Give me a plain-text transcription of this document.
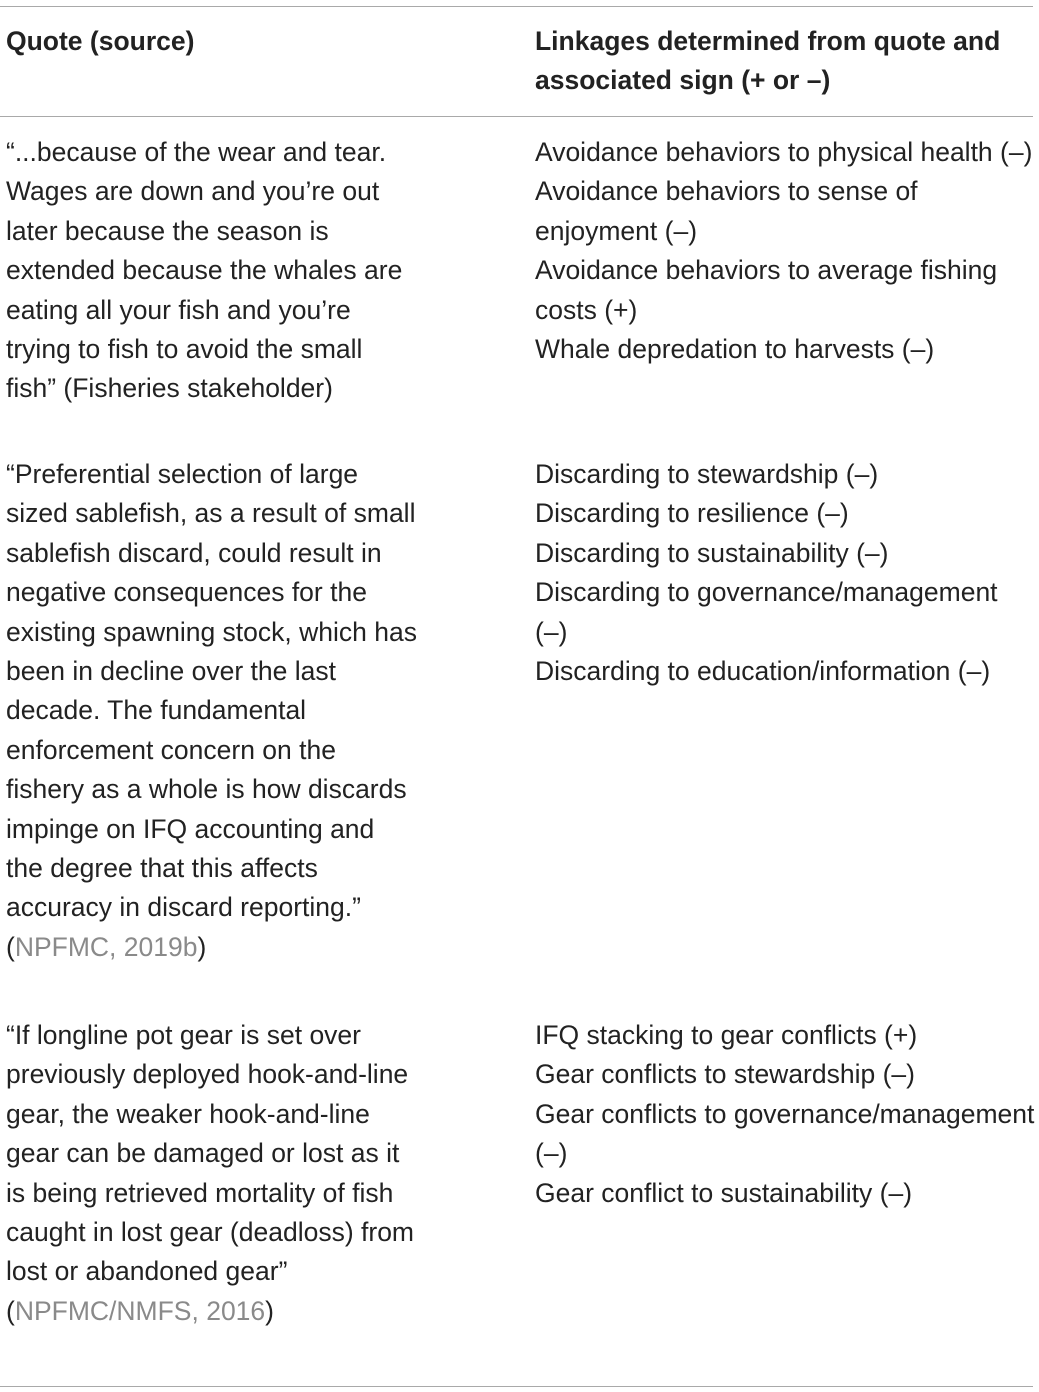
Quote (source)	Linkages determined from quote and associated sign (+ or –)
“...because of the wear and tear. Wages are down and you’re out later because the season is extended because the whales are eating all your fish and you’re trying to fish to avoid the small fish” (Fisheries stakeholder)
Avoidance behaviors to physical health (–)
Avoidance behaviors to sense of enjoyment (–)
Avoidance behaviors to average fishing costs (+)
Whale depredation to harvests (–)
“Preferential selection of large sized sablefish, as a result of small sablefish discard, could result in negative consequences for the existing spawning stock, which has been in decline over the last decade. The fundamental enforcement concern on the fishery as a whole is how discards impinge on IFQ accounting and the degree that this affects accuracy in discard reporting.” (NPFMC, 2019b)
Discarding to stewardship (–)
Discarding to resilience (–)
Discarding to sustainability (–)
Discarding to governance/management (–)
Discarding to education/information (–)
“If longline pot gear is set over previously deployed hook-and-line gear, the weaker hook-and-line gear can be damaged or lost as it is being retrieved mortality of fish caught in lost gear (deadloss) from lost or abandoned gear” (NPFMC/NMFS, 2016)
IFQ stacking to gear conflicts (+)
Gear conflicts to stewardship (–)
Gear conflicts to governance/management (–)
Gear conflict to sustainability (–)
